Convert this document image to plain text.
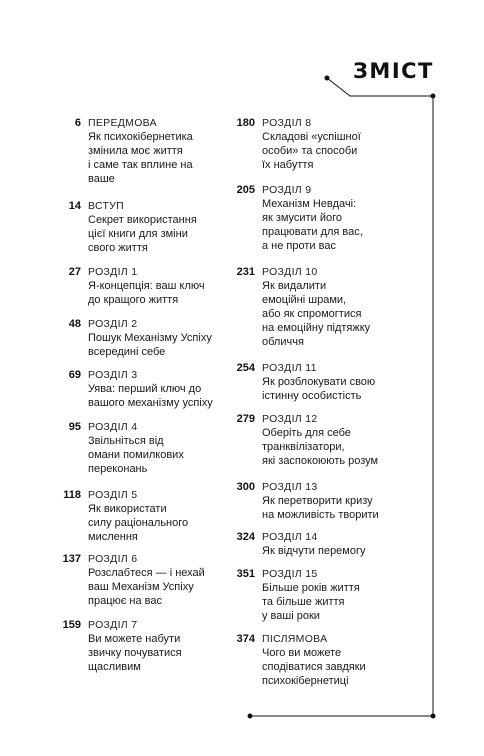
ЗМІСТ
6 ПЕРЕДМОВА
Як психокібернетика
змінила моє життя
і саме так вплине на
ваше
14 ВСТУП
Секрет використання
цієї книги для зміни
свого життя
27 РОЗДІЛ 1
Я-концепція: ваш ключ
до кращого життя
48 РОЗДІЛ 2
Пошук Механізму Успіху
всередині себе
69 РОЗДІЛ 3
Уява: перший ключ до
вашого механізму успіху
95 РОЗДІЛ 4
Звільніться від
омани помилкових
переконань
118 РОЗДІЛ 5
Як використати
силу раціонального
мислення
137 РОЗДІЛ 6
Розслабтеся — і нехай
ваш Механізм Успіху
працює на вас
159 РОЗДІЛ 7
Ви можете набути
звичку почуватися
щасливим
180 РОЗДІЛ 8
Складові «успішної
особи» та способи
їх набуття
205 РОЗДІЛ 9
Механізм Невдачі:
як змусити його
працювати для вас,
а не проти вас
231 РОЗДІЛ 10
Як видалити
емоційні шрами,
або як спромогтися
на емоційну підтяжку
обличчя
254 РОЗДІЛ 11
Як розблокувати свою
істинну особистість
279 РОЗДІЛ 12
Оберіть для себе
транквілізатори,
які заспокоюють розум
300 РОЗДІЛ 13
Як перетворити кризу
на можливість творити
324 РОЗДІЛ 14
Як відчути перемогу
351 РОЗДІЛ 15
Більше років життя
та більше життя
у ваші роки
374 ПІСЛЯМОВА
Чого ви можете
сподіватися завдяки
психокібернетиці
